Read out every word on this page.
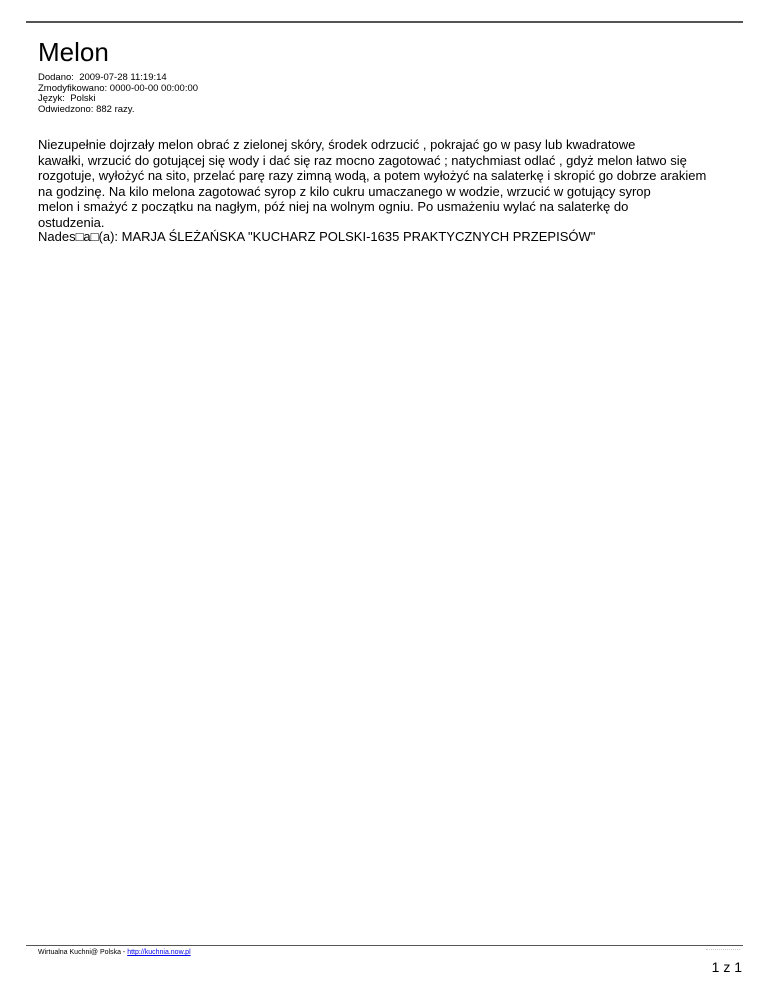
Melon
Dodano:  2009-07-28 11:19:14
Zmodyfikowano: 0000-00-00 00:00:00
Język:  Polski
Odwiedzono: 882 razy.
Niezupełnie dojrzały melon obrać z zielonej skóry, środek odrzucić , pokrajać go w pasy lub kwadratowe
kawałki, wrzucić do gotującej się wody i dać się raz mocno zagotować ; natychmiast odlać , gdyż melon łatwo się
rozgotuje, wyłożyć na sito, przelać parę razy zimną wodą, a potem wyłożyć na salaterkę i skropić go dobrze arakiem
na godzinę. Na kilo melona zagotować syrop z kilo cukru umaczanego w wodzie, wrzucić w gotujący syrop
melon i smażyć z początku na nagłym, póź niej na wolnym ogniu. Po usmażeniu wylać na salaterkę do
ostudzenia.
Nades□a□(a): MARJA ŚLEŻAŃSKA "KUCHARZ POLSKI-1635 PRAKTYCZNYCH PRZEPISÓW"
Wirtualna Kuchni@ Polska - http://kuchnia.now.pl
1 z 1
